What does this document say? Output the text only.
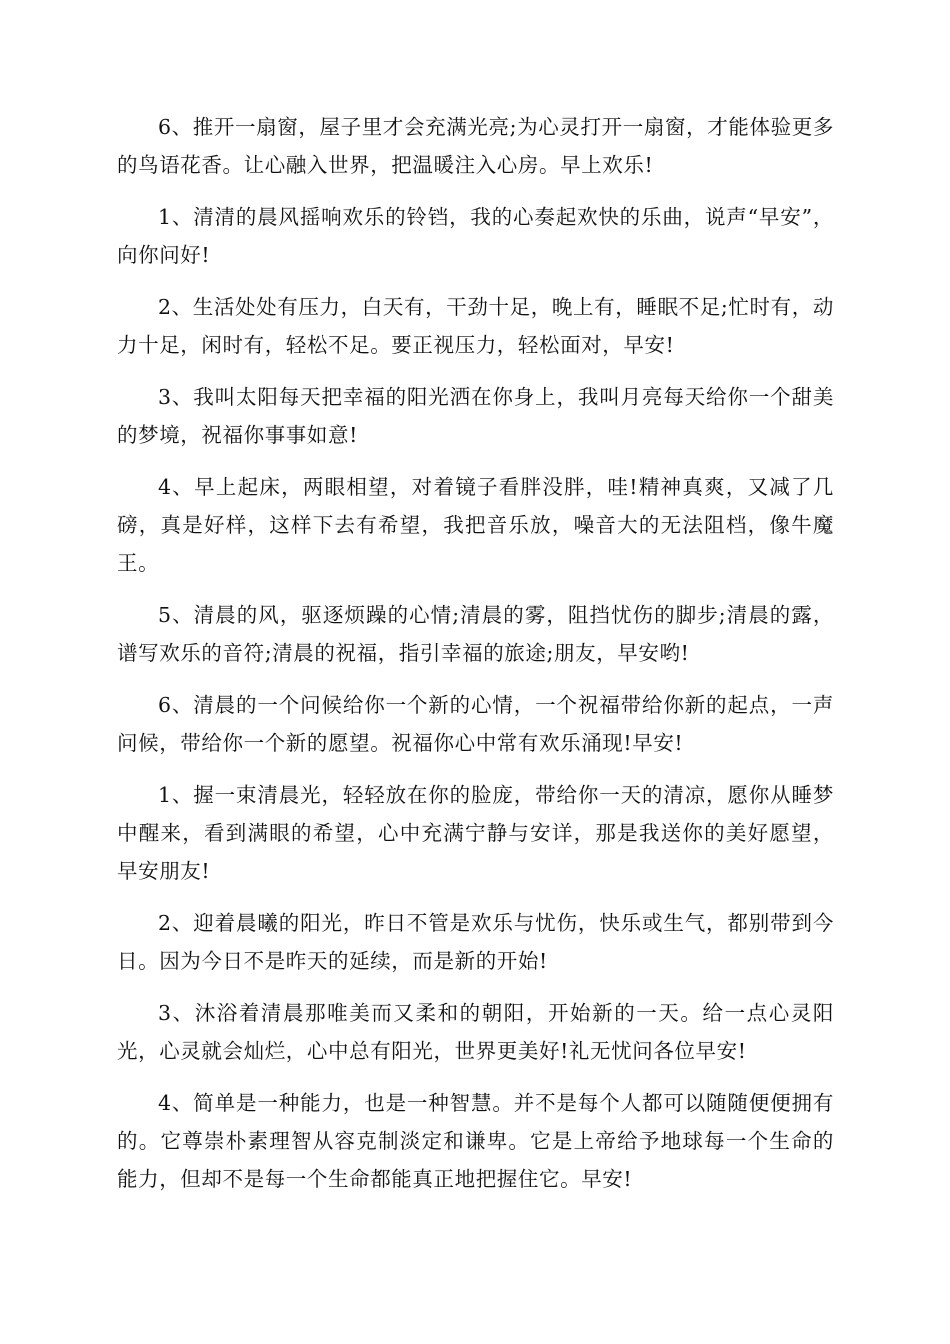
6、推开一扇窗，屋子里才会充满光亮;为心灵打开一扇窗，才能体验更多的鸟语花香。让心融入世界，把温暖注入心房。早上欢乐!

1、清清的晨风摇响欢乐的铃铛，我的心奏起欢快的乐曲，说声“早安”，向你问好!

2、生活处处有压力，白天有，干劲十足，晚上有，睡眠不足;忙时有，动力十足，闲时有，轻松不足。要正视压力，轻松面对，早安!

3、我叫太阳每天把幸福的阳光洒在你身上，我叫月亮每天给你一个甜美的梦境，祝福你事事如意!

4、早上起床，两眼相望，对着镜子看胖没胖，哇!精神真爽，又减了几磅，真是好样，这样下去有希望，我把音乐放，噪音大的无法阻档，像牛魔王。

5、清晨的风，驱逐烦躁的心情;清晨的雾，阻挡忧伤的脚步;清晨的露，谱写欢乐的音符;清晨的祝福，指引幸福的旅途;朋友，早安哟!

6、清晨的一个问候给你一个新的心情，一个祝福带给你新的起点，一声问候，带给你一个新的愿望。祝福你心中常有欢乐涌现!早安!

1、握一束清晨光，轻轻放在你的脸庞，带给你一天的清凉，愿你从睡梦中醒来，看到满眼的希望，心中充满宁静与安详，那是我送你的美好愿望，早安朋友!

2、迎着晨曦的阳光，昨日不管是欢乐与忧伤，快乐或生气，都别带到今日。因为今日不是昨天的延续，而是新的开始!

3、沐浴着清晨那唯美而又柔和的朝阳，开始新的一天。给一点心灵阳光，心灵就会灿烂，心中总有阳光，世界更美好!礼无忧问各位早安!

4、简单是一种能力，也是一种智慧。并不是每个人都可以随随便便拥有的。它尊崇朴素理智从容克制淡定和谦卑。它是上帝给予地球每一个生命的能力，但却不是每一个生命都能真正地把握住它。早安!
